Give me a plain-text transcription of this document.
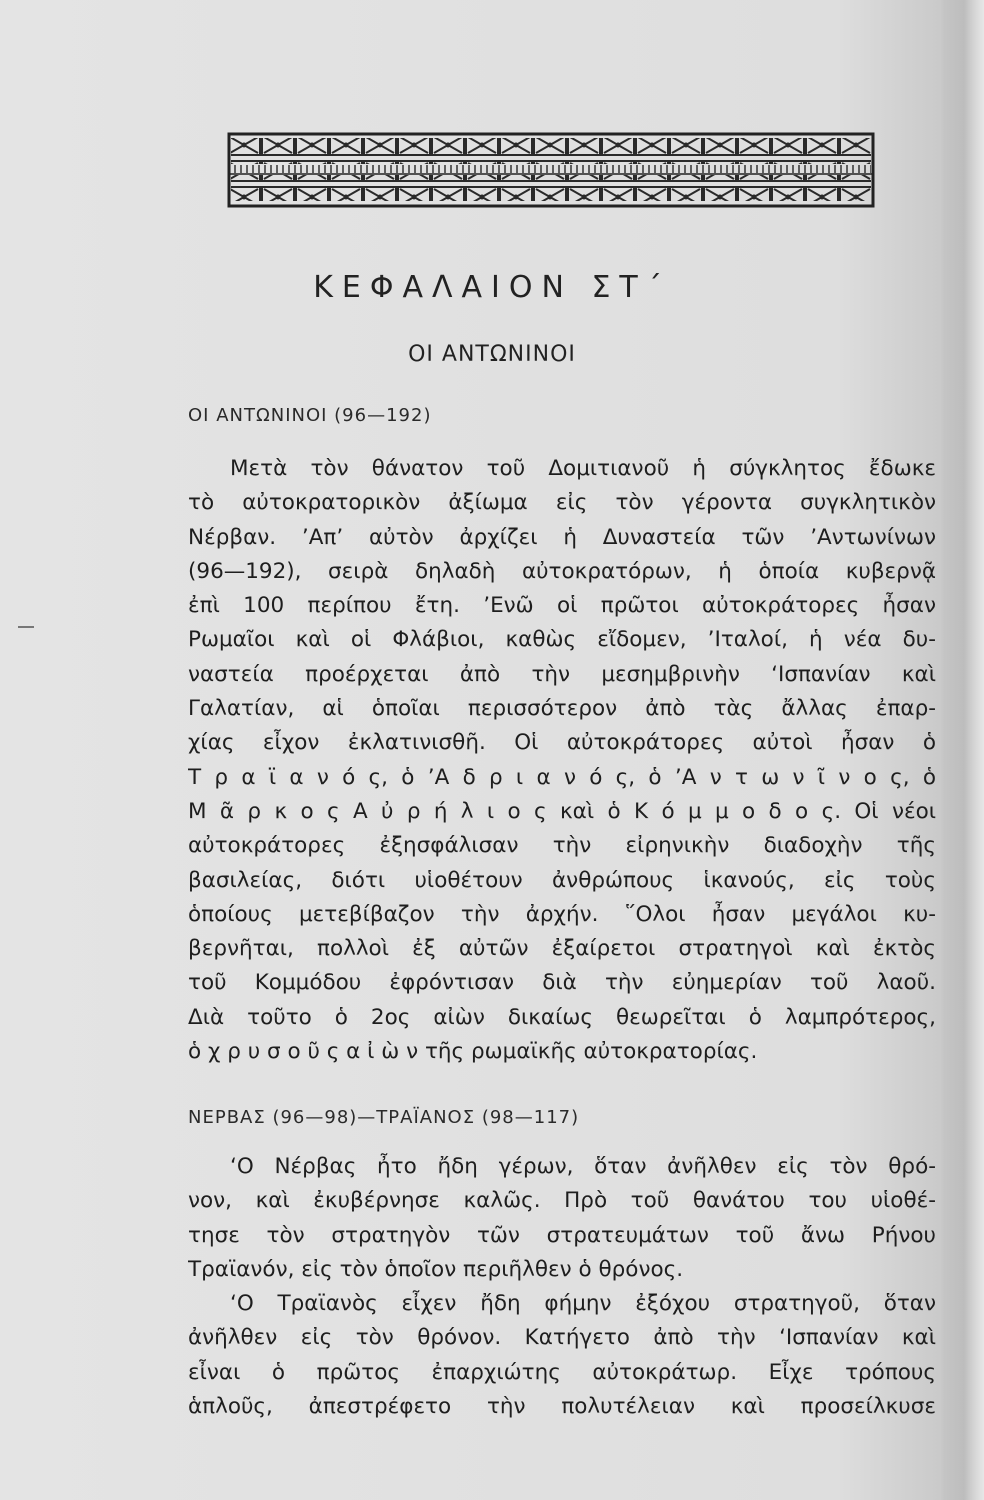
ΚΕΦΑΛΑΙΟΝ ΣΤ΄
ΟΙ ΑΝΤΩΝΙΝΟΙ
ΟΙ ΑΝΤΩΝΙΝΟΙ (96—192)
Μετὰ τὸν θάνατον τοῦ Δομιτιανοῦ ἡ σύγκλητος ἔδωκε
τὸ αὐτοκρατορικὸν ἀξίωμα εἰς τὸν γέροντα συγκλητικὸν
Νέρβαν. ’Απ’ αὐτὸν ἀρχίζει ἡ Δυναστεία τῶν ’Αντωνίνων
(96—192), σειρὰ δηλαδὴ αὐτοκρατόρων, ἡ ὁποία κυβερνᾷ
ἐπὶ 100 περίπου ἔτη. ’Ενῶ οἱ πρῶτοι αὐτοκράτορες ἦσαν
Ρωμαῖοι καὶ οἱ Φλάβιοι, καθὼς εἴδομεν, ’Ιταλοί, ἡ νέα δυ-
ναστεία προέρχεται ἀπὸ τὴν μεσημβρινὴν ‘Ισπανίαν καὶ
Γαλατίαν, αἱ ὁποῖαι περισσότερον ἀπὸ τὰς ἄλλας ἐπαρ-
χίας εἶχον ἐκλατινισθῆ. Οἱ αὐτοκράτορες αὐτοὶ ἦσαν ὁ
Τ ρ α ϊ α ν ό ς, ὁ ’Α δ ρ ι α ν ό ς, ὁ ’Α ν τ ω ν ῖ ν ο ς, ὁ
Μ ᾶ ρ κ ο ς Α ὐ ρ ή λ ι ο ς καὶ ὁ Κ ό μ μ ο δ ο ς. Οἱ νέοι
αὐτοκράτορες ἐξησφάλισαν τὴν εἰρηνικὴν διαδοχὴν τῆς
βασιλείας, διότι υἱοθέτουν ἀνθρώπους ἱκανούς, εἰς τοὺς
ὁποίους μετεβίβαζον τὴν ἀρχήν. ῞Ολοι ἦσαν μεγάλοι κυ-
βερνῆται, πολλοὶ ἐξ αὐτῶν ἐξαίρετοι στρατηγοὶ καὶ ἐκτὸς
τοῦ Κομμόδου ἐφρόντισαν διὰ τὴν εὐημερίαν τοῦ λαοῦ.
Διὰ τοῦτο ὁ 2ος αἰὼν δικαίως θεωρεῖται ὁ λαμπρότερος,
ὁ χ ρ υ σ ο ῦ ς α ἰ ὼ ν τῆς ρωμαϊκῆς αὐτοκρατορίας.
ΝΕΡΒΑΣ (96—98)—ΤΡΑΪΑΝΟΣ (98—117)
‘Ο Νέρβας ἦτο ἤδη γέρων, ὅταν ἀνῆλθεν εἰς τὸν θρό-
νον, καὶ ἐκυβέρνησε καλῶς. Πρὸ τοῦ θανάτου του υἱοθέ-
τησε τὸν στρατηγὸν τῶν στρατευμάτων τοῦ ἄνω Ρήνου
Τραϊανόν, εἰς τὸν ὁποῖον περιῆλθεν ὁ θρόνος.
‘Ο Τραϊανὸς εἶχεν ἤδη φήμην ἐξόχου στρατηγοῦ, ὅταν
ἀνῆλθεν εἰς τὸν θρόνον. Κατήγετο ἀπὸ τὴν ‘Ισπανίαν καὶ
εἶναι ὁ πρῶτος ἐπαρχιώτης αὐτοκράτωρ. Εἶχε τρόπους
ἁπλοῦς, ἀπεστρέφετο τὴν πολυτέλειαν καὶ προσείλκυσε
